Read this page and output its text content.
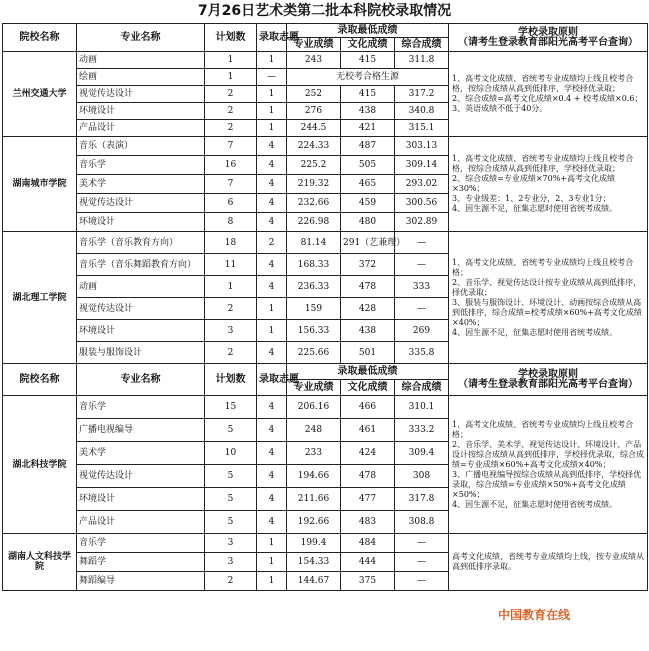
7月26日艺术类第二批本科院校录取情况
院校名称	专业名称	计划数	录取志愿	录取最低成绩			学校录取原则
（请考生登录教育部阳光高考平台查询）

				专业成绩	文化成绩	综合成绩	
兰州交通大学	动画	1	1	243	415	311.8	1、高考文化成绩、省统考专业成绩均上线且校考合格，按综合成绩从高到低排序，学校择优录取；

2、综合成绩=高考文化成绩×0.4 + 校考成绩×0.6；

3、英语成绩不低于40分。

	绘画	1	—	无校考合格生源			
	视觉传达设计	2	1	252	415	317.2	
	环境设计	2	1	276	438	340.8	
	产品设计	2	1	244.5	421	315.1	
湖南城市学院	音乐（表演）	7	4	224.33	487	303.13	1、高考文化成绩、省统考专业成绩均上线且校考合格，按综合成绩从高到低排序，学校择优录取；

2、综合成绩=专业成绩×70%+高考文化成绩×30%；

3、专业级差：1、2专业分，2、3专业1分；

4、因生源不足，征集志愿时使用省统考成绩。

	音乐学	16	4	225.2	505	309.14	
	美术学	7	4	219.32	465	293.02	
	视觉传达设计	6	4	232.66	459	300.56	
	环境设计	8	4	226.98	480	302.89	
湖北理工学院	音乐学（音乐教育方向）	18	2	81.14	291（艺兼理）	—	1、高考文化成绩、省统考专业成绩均上线且校考合格；

2、音乐学、视觉传达设计按专业成绩从高到低排序，择优录取；

3、服装与服饰设计、环境设计、动画按综合成绩从高到低排序，综合成绩=校考成绩×60%+高考文化成绩×40%；

4、因生源不足，征集志愿时使用省统考成绩。

	音乐学（音乐舞蹈教育方向）	11	4	168.33	372	—	
	动画	1	4	236.33	478	333	
	视觉传达设计	2	1	159	428	—	
	环境设计	3	1	156.33	438	269	
	服装与服饰设计	2	4	225.66	501	335.8	
院校名称	专业名称	计划数	录取志愿	录取最低成绩			学校录取原则
（请考生登录教育部阳光高考平台查询）

				专业成绩	文化成绩	综合成绩	
湖北科技学院	音乐学	15	4	206.16	466	310.1	1、高考文化成绩、省统考专业成绩均上线且校考合格；

2、音乐学、美术学、视觉传达设计、环境设计、产品设计按综合成绩从高到低排序，学校择优录取，综合成绩=专业成绩×60%+高考文化成绩×40%；

3、广播电视编导按综合成绩从高到低排序，学校择优录取，综合成绩=专业成绩×50%+高考文化成绩×50%；

4、因生源不足，征集志愿时使用省统考成绩。

	广播电视编导	5	4	248	461	333.2	
	美术学	10	4	233	424	309.4	
	视觉传达设计	5	4	194.66	478	308	
	环境设计	5	4	211.66	477	317.8	
	产品设计	5	4	192.66	483	308.8	
湖南人文科技学院	音乐学	3	1	199.4	484	—	高考文化成绩、省统考专业成绩均上线，按专业成绩从高到低排序录取。

	舞蹈学	3	1	154.33	444	—	
	舞蹈编导	2	1	144.67	375	—	
中国教育在线
